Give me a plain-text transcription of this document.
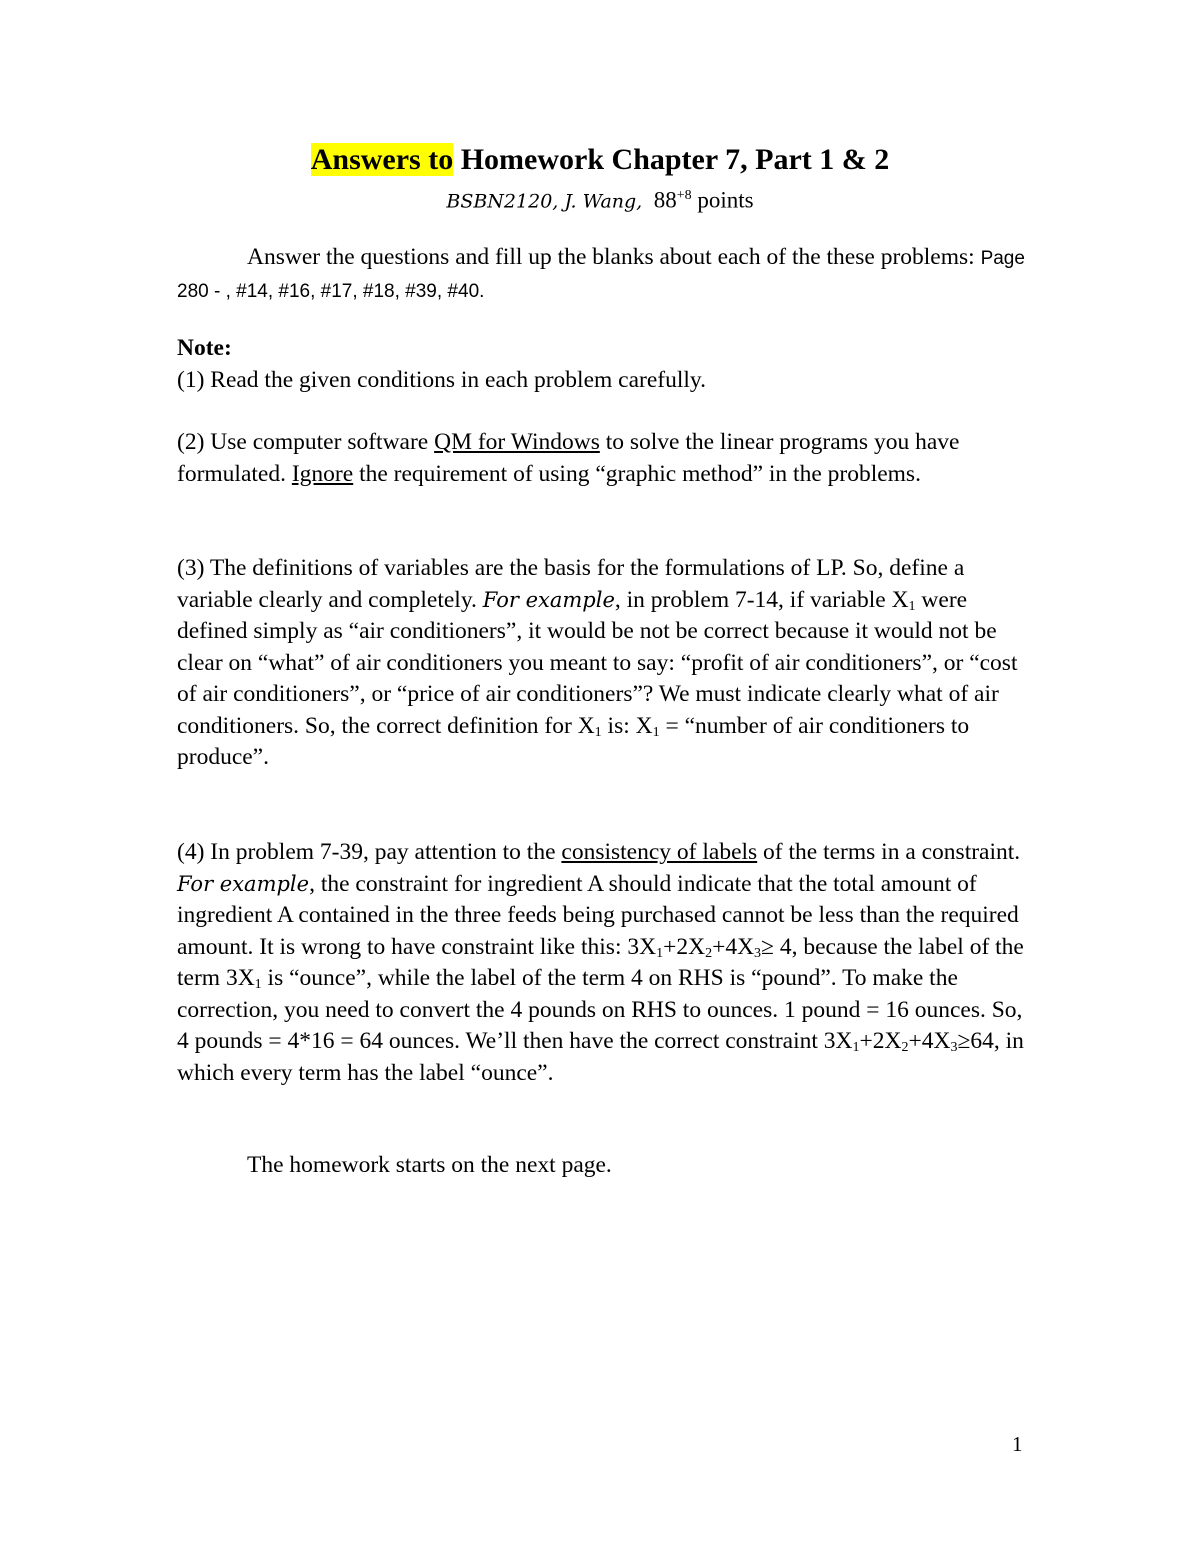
Answers to Homework Chapter 7, Part 1 & 2
BSBN2120, J. Wang, $88^{+8}$ points
Answer the questions and fill up the blanks about each of the these problems: Page 280 - , #14, #16, #17, #18, #39, #40.
Note:
(1) Read the given conditions in each problem carefully.
(2) Use computer software QM for Windows to solve the linear programs you have formulated. Ignore the requirement of using “graphic method” in the problems.
(3) The definitions of variables are the basis for the formulations of LP. So, define a variable clearly and completely. For example, in problem 7-14, if variable $X_1$ were defined simply as “air conditioners”, it would be not be correct because it would not be clear on “what” of air conditioners you meant to say: “profit of air conditioners”, or “cost of air conditioners”, or “price of air conditioners”? We must indicate clearly what of air conditioners. So, the correct definition for $X_1$ is: $X_1$ = “number of air conditioners to produce”.
(4) In problem 7-39, pay attention to the consistency of labels of the terms in a constraint. For example, the constraint for ingredient A should indicate that the total amount of ingredient A contained in the three feeds being purchased cannot be less than the required amount. It is wrong to have constraint like this: $3X_1+2X_2+4X_3\ge 4$, because the label of the term $3X_1$ is “ounce”, while the label of the term 4 on RHS is “pound”. To make the correction, you need to convert the 4 pounds on RHS to ounces. 1 pound = 16 ounces. So, 4 pounds = 4*16 = 64 ounces. We’ll then have the correct constraint $3X_1+2X_2+4X_3\ge 64$, in which every term has the label “ounce”.
The homework starts on the next page.
1
